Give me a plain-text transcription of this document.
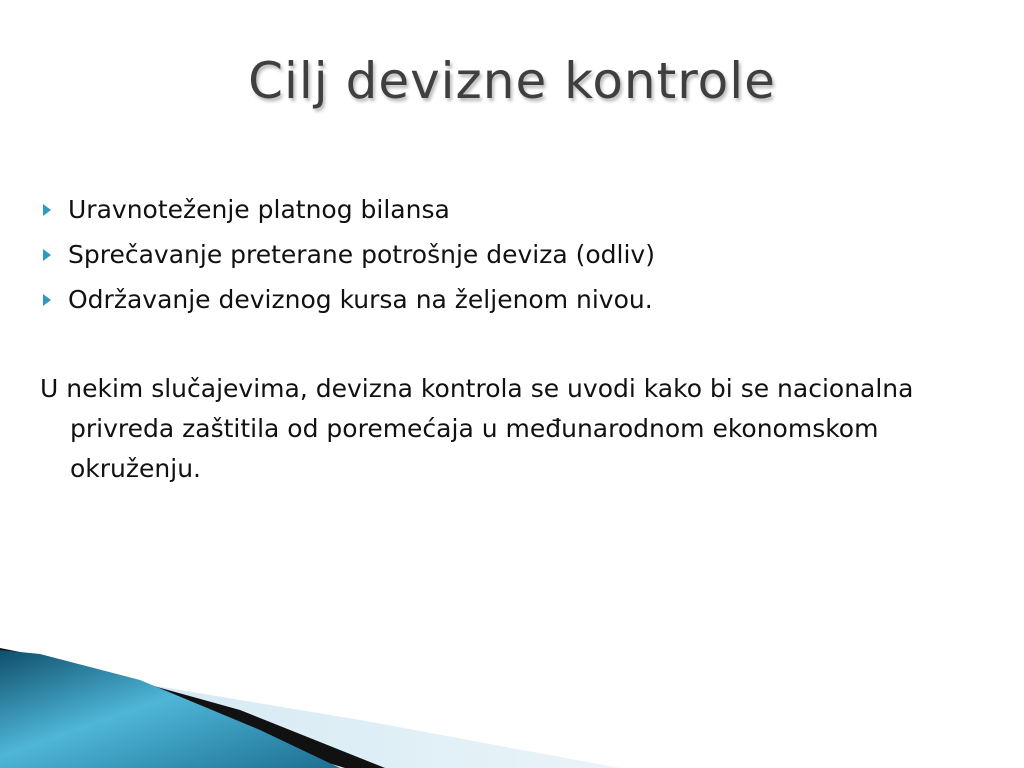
Cilj devizne kontrole
Uravnoteženje platnog bilansa
Sprečavanje preterane potrošnje deviza (odliv)
Održavanje deviznog kursa na željenom nivou.

U nekim slučajevima, devizna kontrola se uvodi kako bi se nacionalna privreda zaštitila od poremećaja u međunarodnom ekonomskom okruženju.
